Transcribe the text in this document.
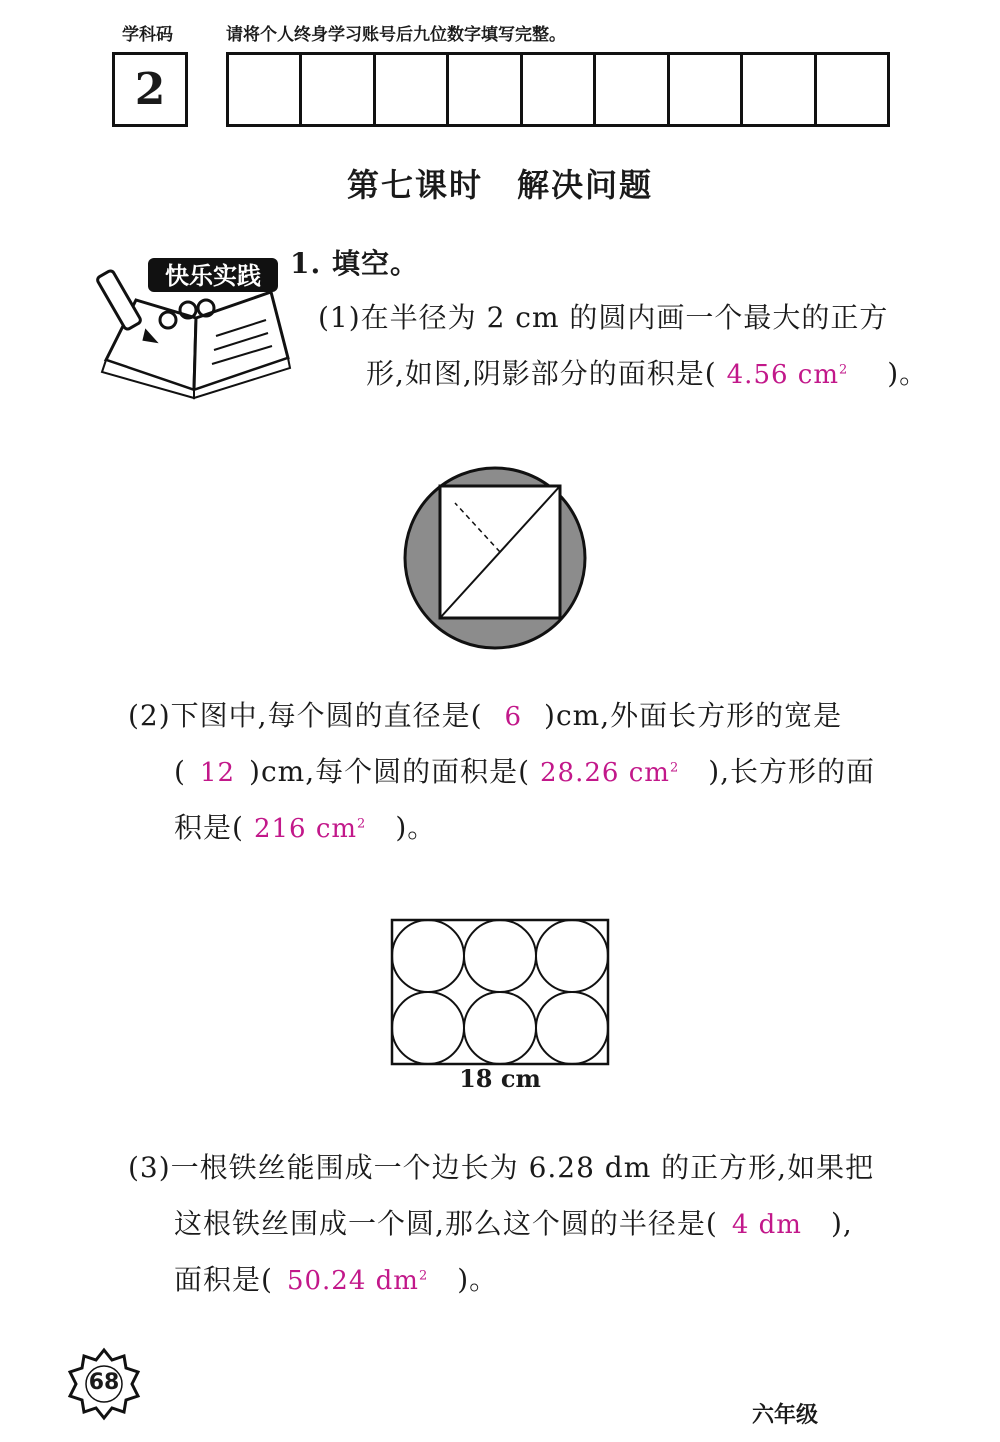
学科码	请将个人终身学习账号后九位数字填写完整。
2
第七课时　解决问题
快乐实践 1. 填空。
(1)在半径为 2 cm 的圆内画一个最大的正方
形,如图,阴影部分的面积是( 4.56 $cm^2$ 　)。
(2)下图中,每个圆的直径是( 6 )cm,外面长方形的宽是
( 12 )cm,每个圆的面积是( 28.26 $cm^2$　),长方形的面
积是( 216 $cm^2$　)。
18 cm
(3)一根铁丝能围成一个边长为 6.28 dm 的正方形,如果把
这根铁丝围成一个圆,那么这个圆的半径是( 4 dm　),
面积是( 50.24 $dm^2$　)。
68
六年级
